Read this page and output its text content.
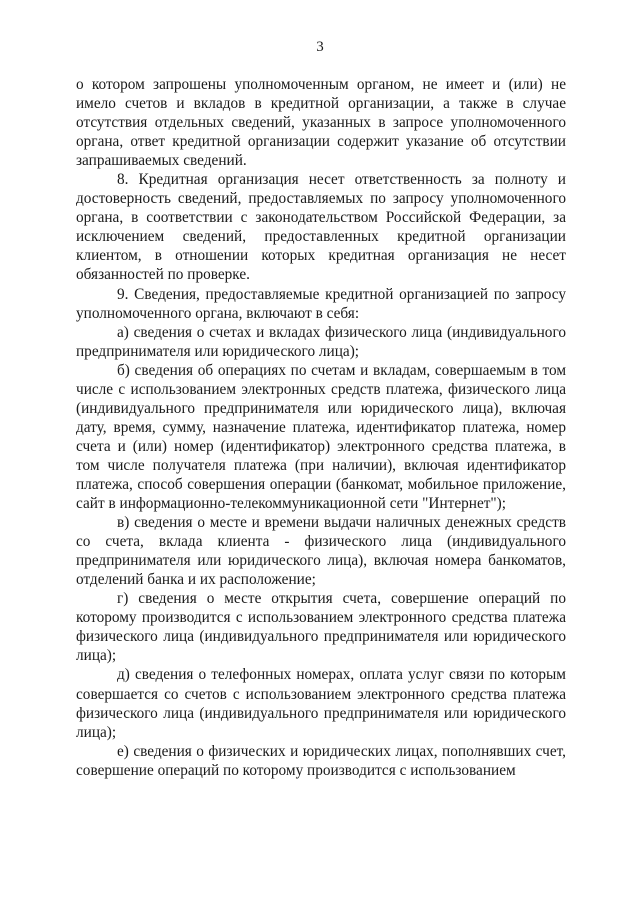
3

о котором запрошены уполномоченным органом, не имеет и (или) не имело счетов и вкладов в кредитной организации, а также в случае отсутствия отдельных сведений, указанных в запросе уполномоченного органа, ответ кредитной организации содержит указание об отсутствии запрашиваемых сведений.

8. Кредитная организация несет ответственность за полноту и достоверность сведений, предоставляемых по запросу уполномоченного органа, в соответствии с законодательством Российской Федерации, за исключением сведений, предоставленных кредитной организации клиентом, в отношении которых кредитная организация не несет обязанностей по проверке.

9. Сведения, предоставляемые кредитной организацией по запросу уполномоченного органа, включают в себя:

а) сведения о счетах и вкладах физического лица (индивидуального предпринимателя или юридического лица);

б) сведения об операциях по счетам и вкладам, совершаемым в том числе с использованием электронных средств платежа, физического лица (индивидуального предпринимателя или юридического лица), включая дату, время, сумму, назначение платежа, идентификатор платежа, номер счета и (или) номер (идентификатор) электронного средства платежа, в том числе получателя платежа (при наличии), включая идентификатор платежа, способ совершения операции (банкомат, мобильное приложение, сайт в информационно-телекоммуникационной сети "Интернет");

в) сведения о месте и времени выдачи наличных денежных средств со счета, вклада клиента - физического лица (индивидуального предпринимателя или юридического лица), включая номера банкоматов, отделений банка и их расположение;

г) сведения о месте открытия счета, совершение операций по которому производится с использованием электронного средства платежа физического лица (индивидуального предпринимателя или юридического лица);

д) сведения о телефонных номерах, оплата услуг связи по которым совершается со счетов с использованием электронного средства платежа физического лица (индивидуального предпринимателя или юридического лица);

е) сведения о физических и юридических лицах, пополнявших счет, совершение операций по которому производится с использованием
